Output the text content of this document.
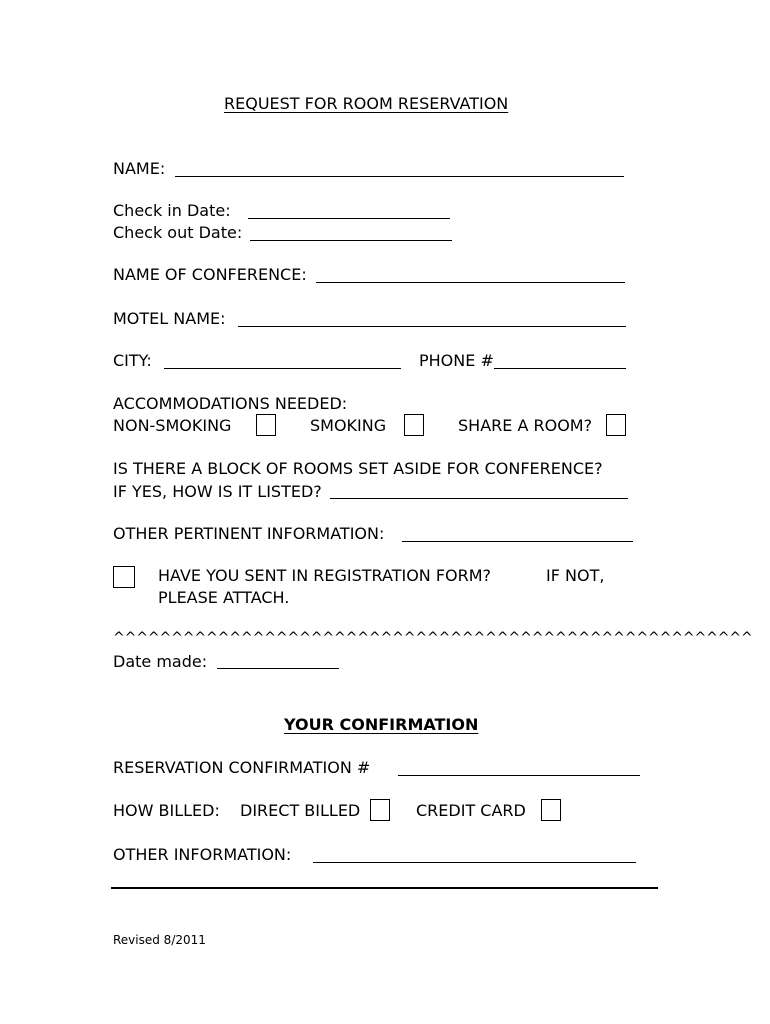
REQUEST FOR ROOM RESERVATION
NAME:
Check in Date:
Check out Date:
NAME OF CONFERENCE:
MOTEL NAME:
CITY:	PHONE #
ACCOMMODATIONS NEEDED:
NON-SMOKING	SMOKING	SHARE A ROOM?
IS THERE A BLOCK OF ROOMS SET ASIDE FOR CONFERENCE?
IF YES, HOW IS IT LISTED?
OTHER PERTINENT INFORMATION:
HAVE YOU SENT IN REGISTRATION FORM?	IF NOT,
PLEASE ATTACH.
^^^^^^^^^^^^^^^^^^^^^^^^^^^^^^^^^^^^^^^^^^^^^^^^^^^^^^^
Date made:
YOUR CONFIRMATION
RESERVATION CONFIRMATION #
HOW BILLED: DIRECT BILLED	CREDIT CARD
OTHER INFORMATION:
Revised 8/2011
